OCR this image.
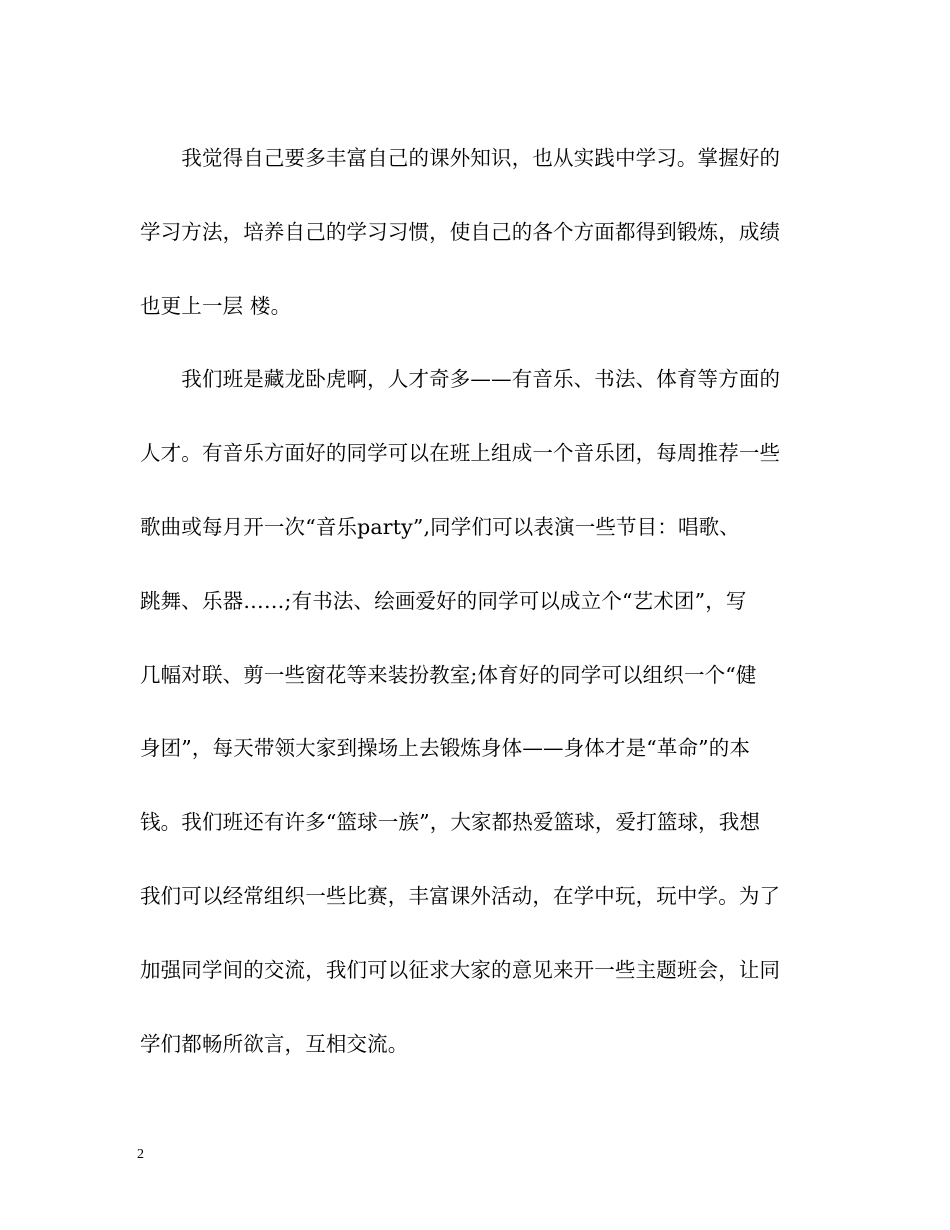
　　我觉得自己要多丰富自己的课外知识，也从实践中学习。掌握好的
学习方法，培养自己的学习习惯，使自己的各个方面都得到锻炼，成绩
也更上一层 楼。
　　我们班是藏龙卧虎啊，人才奇多——有音乐、书法、体育等方面的
人才。有音乐方面好的同学可以在班上组成一个音乐团，每周推荐一些
歌曲或每月开一次“音乐party”,同学们可以表演一些节目：唱歌、
跳舞、乐器……;有书法、绘画爱好的同学可以成立个“艺术团”，写
几幅对联、剪一些窗花等来装扮教室;体育好的同学可以组织一个“健
身团”，每天带领大家到操场上去锻炼身体——身体才是“革命”的本
钱。我们班还有许多“篮球一族”，大家都热爱篮球，爱打篮球，我想
我们可以经常组织一些比赛，丰富课外活动，在学中玩，玩中学。为了
加强同学间的交流，我们可以征求大家的意见来开一些主题班会，让同
学们都畅所欲言，互相交流。
2
